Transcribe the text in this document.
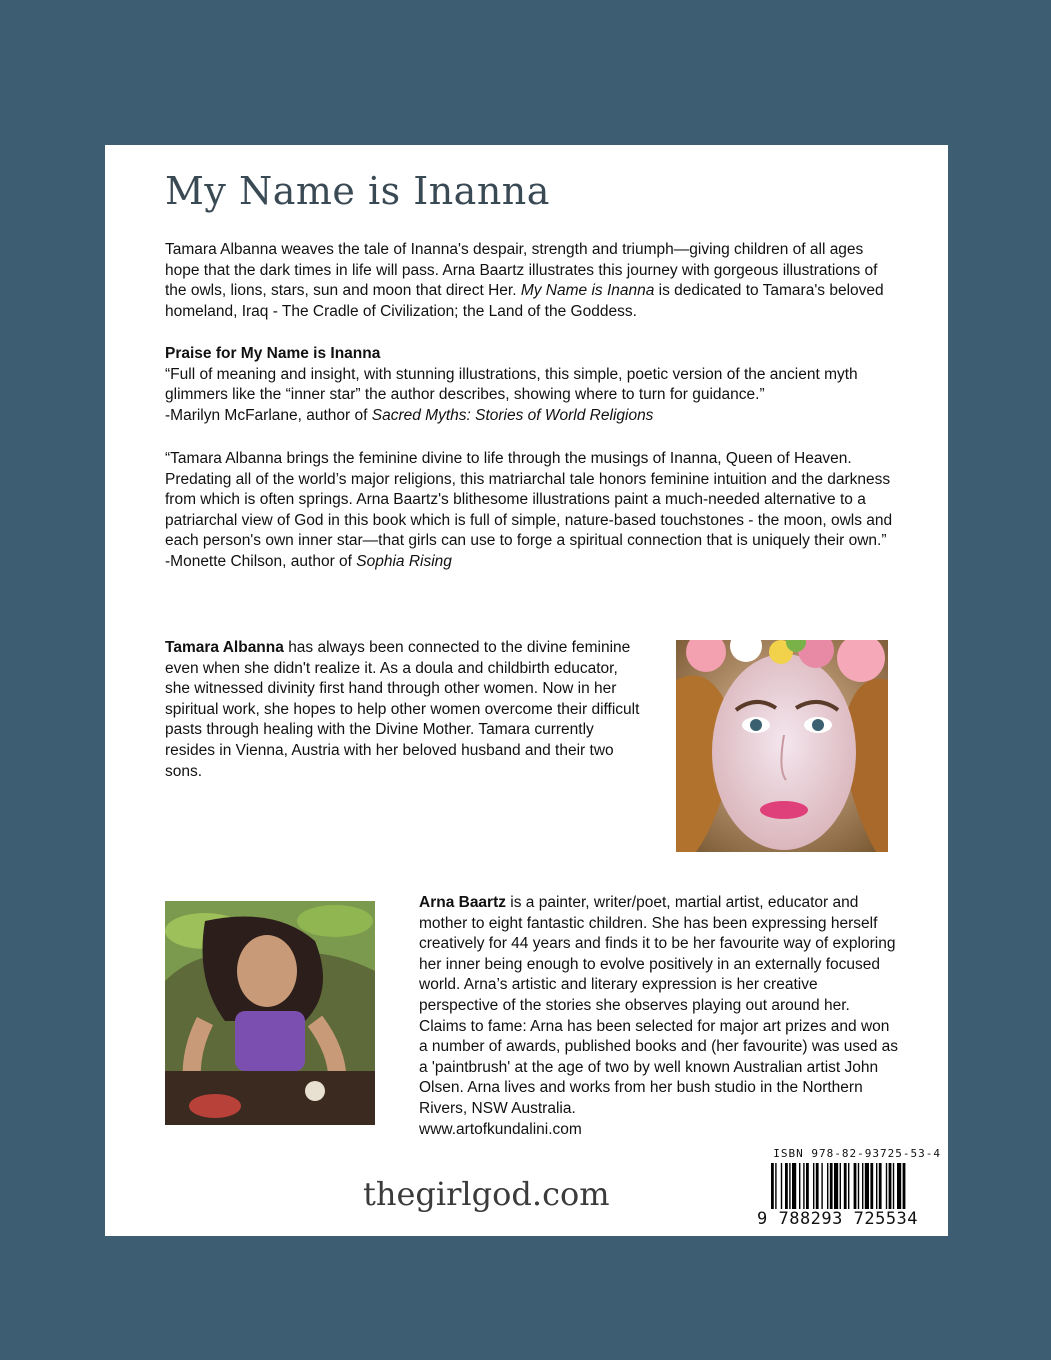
My Name is Inanna

Tamara Albanna weaves the tale of Inanna's despair, strength and triumph—giving children of all ages hope that the dark times in life will pass. Arna Baartz illustrates this journey with gorgeous illustrations of the owls, lions, stars, sun and moon that direct Her. My Name is Inanna is dedicated to Tamara's beloved homeland, Iraq - The Cradle of Civilization; the Land of the Goddess.

Praise for My Name is Inanna
“Full of meaning and insight, with stunning illustrations, this simple, poetic version of the ancient myth glimmers like the “inner star” the author describes, showing where to turn for guidance.”
-Marilyn McFarlane, author of Sacred Myths: Stories of World Religions

“Tamara Albanna brings the feminine divine to life through the musings of Inanna, Queen of Heaven. Predating all of the world’s major religions, this matriarchal tale honors feminine intuition and the darkness from which is often springs. Arna Baartz's blithesome illustrations paint a much-needed alternative to a patriarchal view of God in this book which is full of simple, nature-based touchstones - the moon, owls and each person's own inner star—that girls can use to forge a spiritual connection that is uniquely their own.” -Monette Chilson, author of Sophia Rising

Tamara Albanna has always been connected to the divine feminine even when she didn't realize it. As a doula and childbirth educator, she witnessed divinity first hand through other women. Now in her spiritual work, she hopes to help other women overcome their difficult pasts through healing with the Divine Mother. Tamara currently resides in Vienna, Austria with her beloved husband and their two sons.

Arna Baartz is a painter, writer/poet, martial artist, educator and mother to eight fantastic children. She has been expressing herself creatively for 44 years and finds it to be her favourite way of exploring her inner being enough to evolve positively in an externally focused world. Arna’s artistic and literary expression is her creative perspective of the stories she observes playing out around her. Claims to fame: Arna has been selected for major art prizes and won a number of awards, published books and (her favourite) was used as a 'paintbrush' at the age of two by well known Australian artist John Olsen. Arna lives and works from her bush studio in the Northern Rivers, NSW Australia.
www.artofkundalini.com

thegirlgod.com

ISBN 978-82-93725-53-4
9 788293 725534
